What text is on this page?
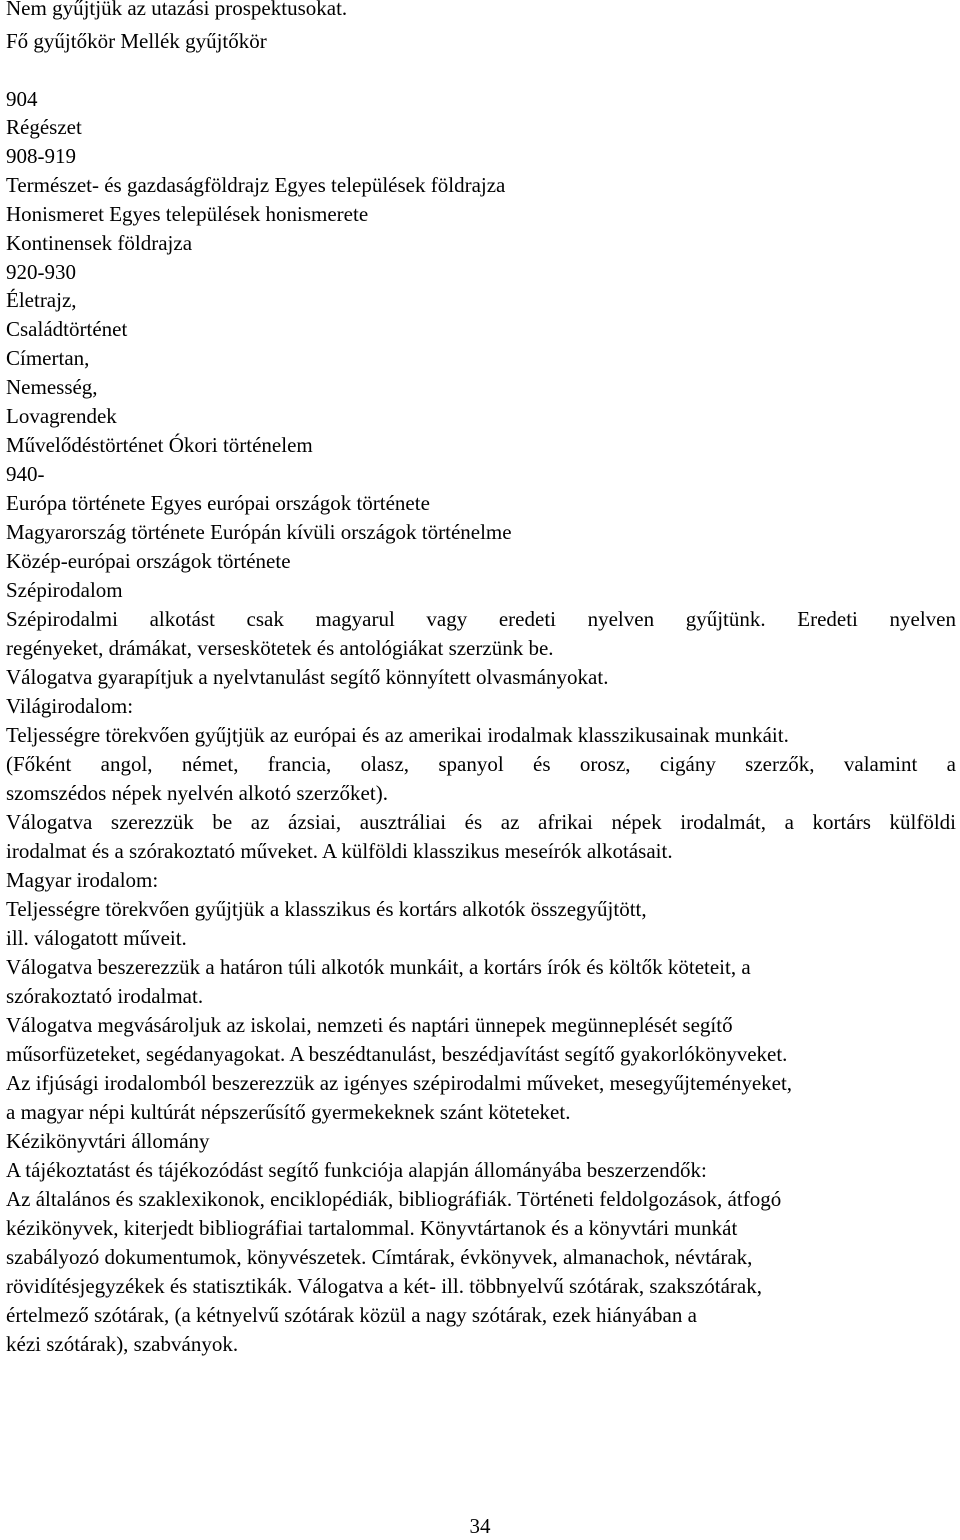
Nem gyűjtjük az utazási prospektusokat.
Fő gyűjtőkör Mellék gyűjtőkör
904
Régészet
908-919
Természet- és gazdaságföldrajz Egyes települések földrajza
Honismeret Egyes települések honismerete
Kontinensek földrajza
920-930
Életrajz,
Családtörténet
Címertan,
Nemesség,
Lovagrendek
Művelődéstörténet Ókori történelem
940-
Európa története Egyes európai országok története
Magyarország története Európán kívüli országok történelme
Közép-európai országok története
Szépirodalom
Szépirodalmi alkotást csak magyarul vagy eredeti nyelven gyűjtünk. Eredeti nyelven
regényeket, drámákat, verseskötetek és antológiákat szerzünk be.
Válogatva gyarapítjuk a nyelvtanulást segítő könnyített olvasmányokat.
Világirodalom:
Teljességre törekvően gyűjtjük az európai és az amerikai irodalmak klasszikusainak munkáit.
(Főként angol, német, francia, olasz, spanyol és orosz, cigány szerzők, valamint a
szomszédos népek nyelvén alkotó szerzőket).
Válogatva szerezzük be az ázsiai, ausztráliai és az afrikai népek irodalmát, a kortárs külföldi
irodalmat és a szórakoztató műveket. A külföldi klasszikus meseírók alkotásait.
Magyar irodalom:
Teljességre törekvően gyűjtjük a klasszikus és kortárs alkotók összegyűjtött,
ill. válogatott műveit.
Válogatva beszerezzük a határon túli alkotók munkáit, a kortárs írók és költők köteteit, a
szórakoztató irodalmat.
Válogatva megvásároljuk az iskolai, nemzeti és naptári ünnepek megünneplését segítő
műsorfüzeteket, segédanyagokat. A beszédtanulást, beszédjavítást segítő gyakorlókönyveket.
Az ifjúsági irodalomból beszerezzük az igényes szépirodalmi műveket, mesegyűjteményeket,
a magyar népi kultúrát népszerűsítő gyermekeknek szánt köteteket.
Kézikönyvtári állomány
A tájékoztatást és tájékozódást segítő funkciója alapján állományába beszerzendők:
Az általános és szaklexikonok, enciklopédiák, bibliográfiák. Történeti feldolgozások, átfogó
kézikönyvek, kiterjedt bibliográfiai tartalommal. Könyvtártanok és a könyvtári munkát
szabályozó dokumentumok, könyvészetek. Címtárak, évkönyvek, almanachok, névtárak,
rövidítésjegyzékek és statisztikák. Válogatva a két- ill. többnyelvű szótárak, szakszótárak,
értelmező szótárak, (a kétnyelvű szótárak közül a nagy szótárak, ezek hiányában a
kézi szótárak), szabványok.
34
